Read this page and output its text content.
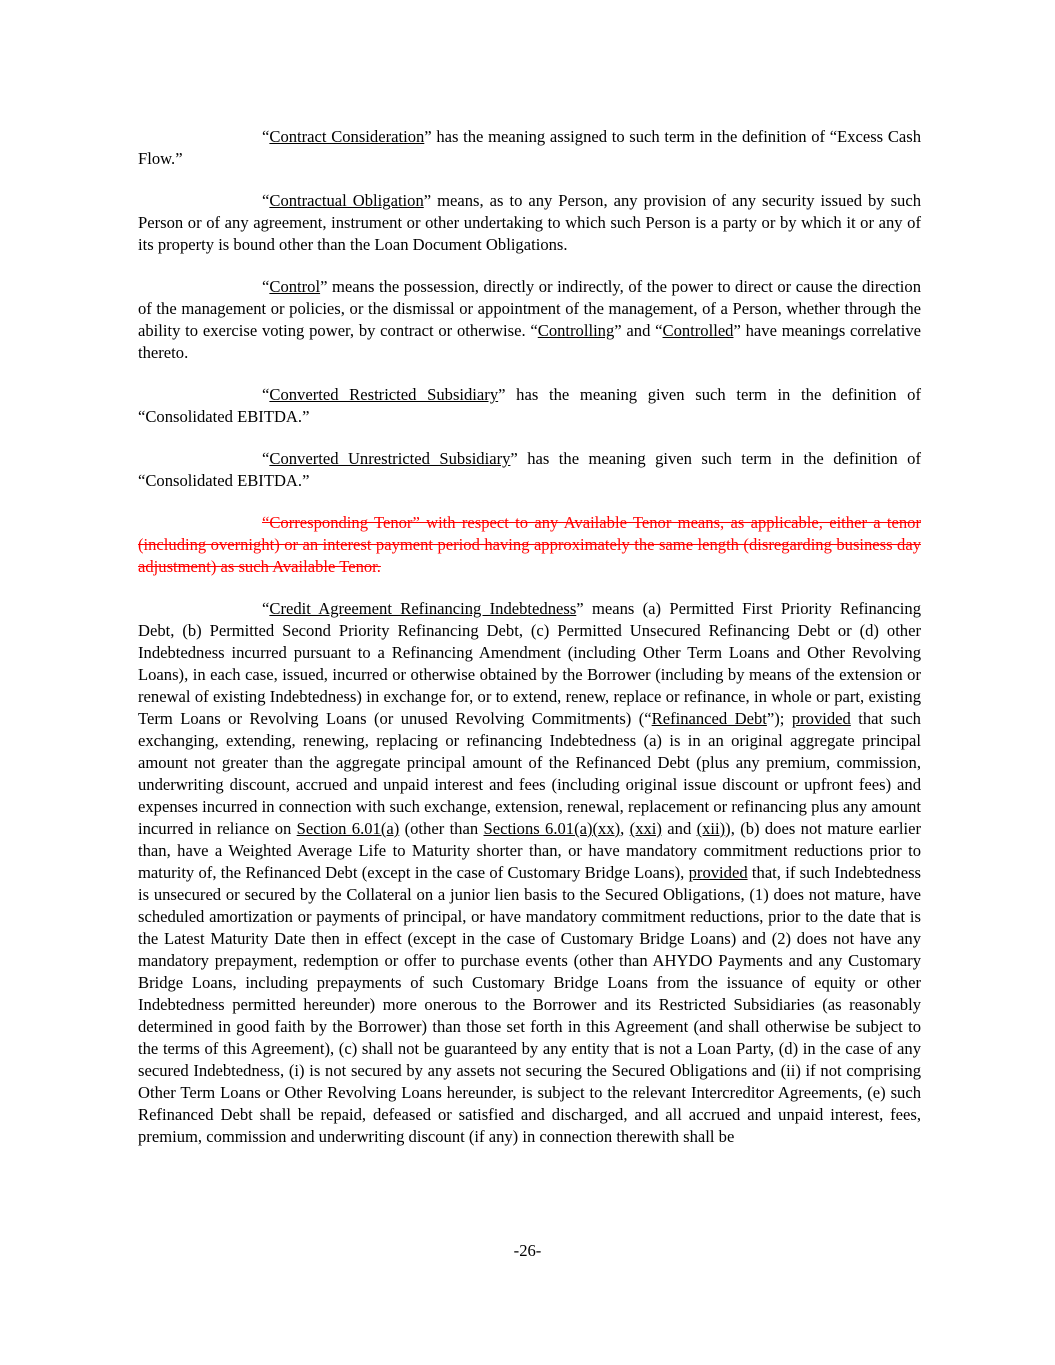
“Contract Consideration” has the meaning assigned to such term in the definition of “Excess Cash Flow.”

“Contractual Obligation” means, as to any Person, any provision of any security issued by such Person or of any agreement, instrument or other undertaking to which such Person is a party or by which it or any of its property is bound other than the Loan Document Obligations.

“Control” means the possession, directly or indirectly, of the power to direct or cause the direction of the management or policies, or the dismissal or appointment of the management, of a Person, whether through the ability to exercise voting power, by contract or otherwise. “Controlling” and “Controlled” have meanings correlative thereto.

“Converted Restricted Subsidiary” has the meaning given such term in the definition of “Consolidated EBITDA.”

“Converted Unrestricted Subsidiary” has the meaning given such term in the definition of “Consolidated EBITDA.”

“Corresponding Tenor” with respect to any Available Tenor means, as applicable, either a tenor (including overnight) or an interest payment period having approximately the same length (disregarding business day adjustment) as such Available Tenor.

“Credit Agreement Refinancing Indebtedness” means (a) Permitted First Priority Refinancing Debt, (b) Permitted Second Priority Refinancing Debt, (c) Permitted Unsecured Refinancing Debt or (d) other Indebtedness incurred pursuant to a Refinancing Amendment (including Other Term Loans and Other Revolving Loans), in each case, issued, incurred or otherwise obtained by the Borrower (including by means of the extension or renewal of existing Indebtedness) in exchange for, or to extend, renew, replace or refinance, in whole or part, existing Term Loans or Revolving Loans (or unused Revolving Commitments) (“Refinanced Debt”); provided that such exchanging, extending, renewing, replacing or refinancing Indebtedness (a) is in an original aggregate principal amount not greater than the aggregate principal amount of the Refinanced Debt (plus any premium, commission, underwriting discount, accrued and unpaid interest and fees (including original issue discount or upfront fees) and expenses incurred in connection with such exchange, extension, renewal, replacement or refinancing plus any amount incurred in reliance on Section 6.01(a) (other than Sections 6.01(a)(xx), (xxi) and (xii)), (b) does not mature earlier than, have a Weighted Average Life to Maturity shorter than, or have mandatory commitment reductions prior to maturity of, the Refinanced Debt (except in the case of Customary Bridge Loans), provided that, if such Indebtedness is unsecured or secured by the Collateral on a junior lien basis to the Secured Obligations, (1) does not mature, have scheduled amortization or payments of principal, or have mandatory commitment reductions, prior to the date that is the Latest Maturity Date then in effect (except in the case of Customary Bridge Loans) and (2) does not have any mandatory prepayment, redemption or offer to purchase events (other than AHYDO Payments and any Customary Bridge Loans, including prepayments of such Customary Bridge Loans from the issuance of equity or other Indebtedness permitted hereunder) more onerous to the Borrower and its Restricted Subsidiaries (as reasonably determined in good faith by the Borrower) than those set forth in this Agreement (and shall otherwise be subject to the terms of this Agreement), (c) shall not be guaranteed by any entity that is not a Loan Party, (d) in the case of any secured Indebtedness, (i) is not secured by any assets not securing the Secured Obligations and (ii) if not comprising Other Term Loans or Other Revolving Loans hereunder, is subject to the relevant Intercreditor Agreements, (e) such Refinanced Debt shall be repaid, defeased or satisfied and discharged, and all accrued and unpaid interest, fees, premium, commission and underwriting discount (if any) in connection therewith shall be

-26-
